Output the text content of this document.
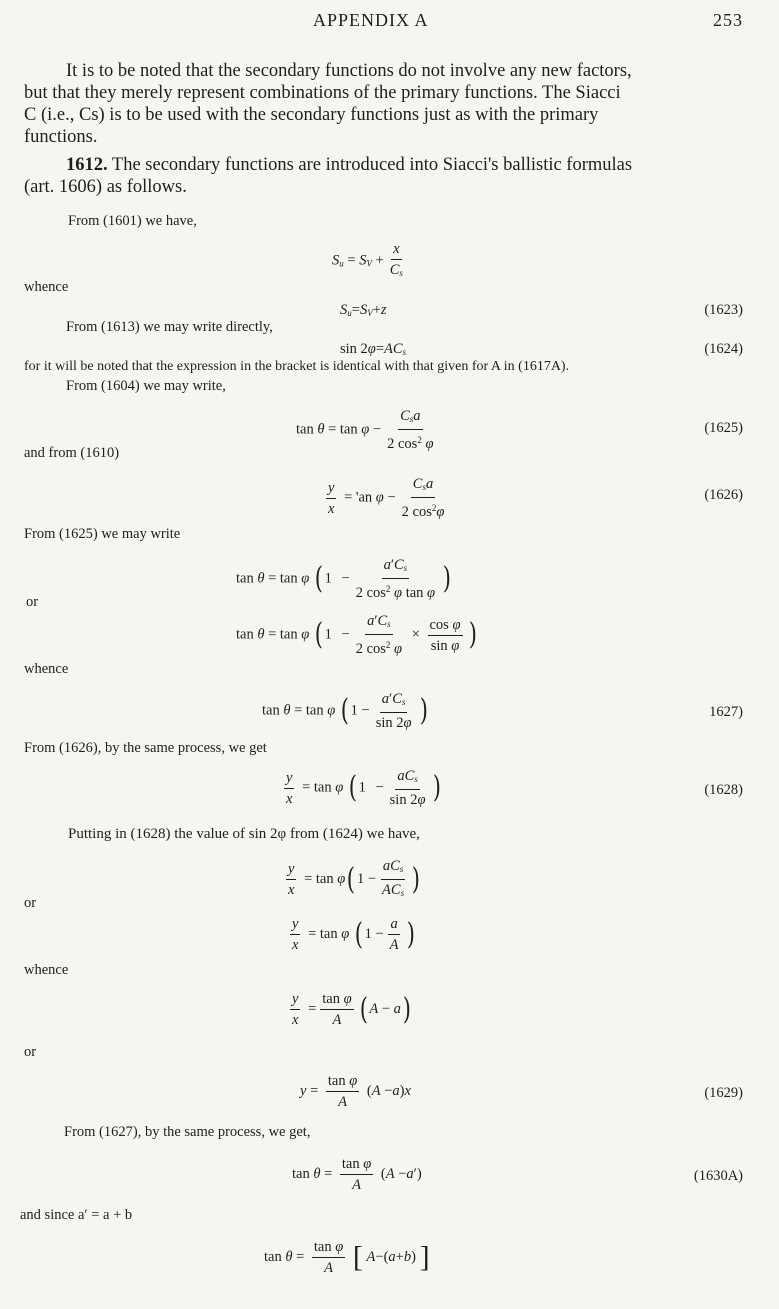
APPENDIX A	253
It is to be noted that the secondary functions do not involve any new factors,
but that they merely represent combinations of the primary functions. The Siacci
C (i.e., Cs) is to be used with the secondary functions just as with the primary
functions.
1612. The secondary functions are introduced into Siacci's ballistic formulas
(art. 1606) as follows.
From (1601) we have,
$S_u = S_V + \frac{x}{C_s}$
whence
$S_u=S_V+z$	(1623)
From (1613) we may write directly,
$\sin 2\varphi=AC_s$	(1624)
for it will be noted that the expression in the bracket is identical with that given for A in (1617A).
From (1604) we may write,
$\tan \theta = \tan \varphi - \frac{C_sa}{2 \cos^2 \varphi}$	(1625)
and from (1610)
$\frac{y}{x}$ = 'an $\varphi - \frac{C_sa}{2 \cos^2\varphi}$	(1626)
From (1625) we may write
tan θ = tan φ ( $1 - \frac{a'C_s}{2 \cos^2 \varphi \tan \varphi}$ )
or
tan θ = tan φ ( $1 - \frac{a'C_s}{2 \cos^2 \varphi} \times \frac{\text{cos φ}}{\text{sin φ}}$ )
whence
tan θ = tan φ ( $1 - \frac{a'C_s}{\sin 2\varphi}$ )	1627)
From (1626), by the same process, we get
$\frac{y}{x} = \tan \varphi$ ( $1 - \frac{aC_s}{\sin 2\varphi}$ )	(1628)
Putting in (1628) the value of sin 2φ from (1624) we have,
$\frac{y}{x} = \tan \varphi$( $1 - \frac{aC_s}{AC_s}$ )
or
$\frac{y}{x} = \tan \varphi$ ( $1 - \frac{a}{A}$ )
whence
$\frac{y}{x} = \frac{\text{tan φ}}{A}$ ( A − a)
or
$y = \frac{\text{tan φ}}{A} (A -a)x$	(1629)
From (1627), by the same process, we get,
$\tan \theta = \frac{\text{tan φ}}{A} (A -a')$	(1630A)
and since a′ = a + b
$\tan \theta = \frac{\text{tan φ}}{A}$ [ A−(a+b) ]
